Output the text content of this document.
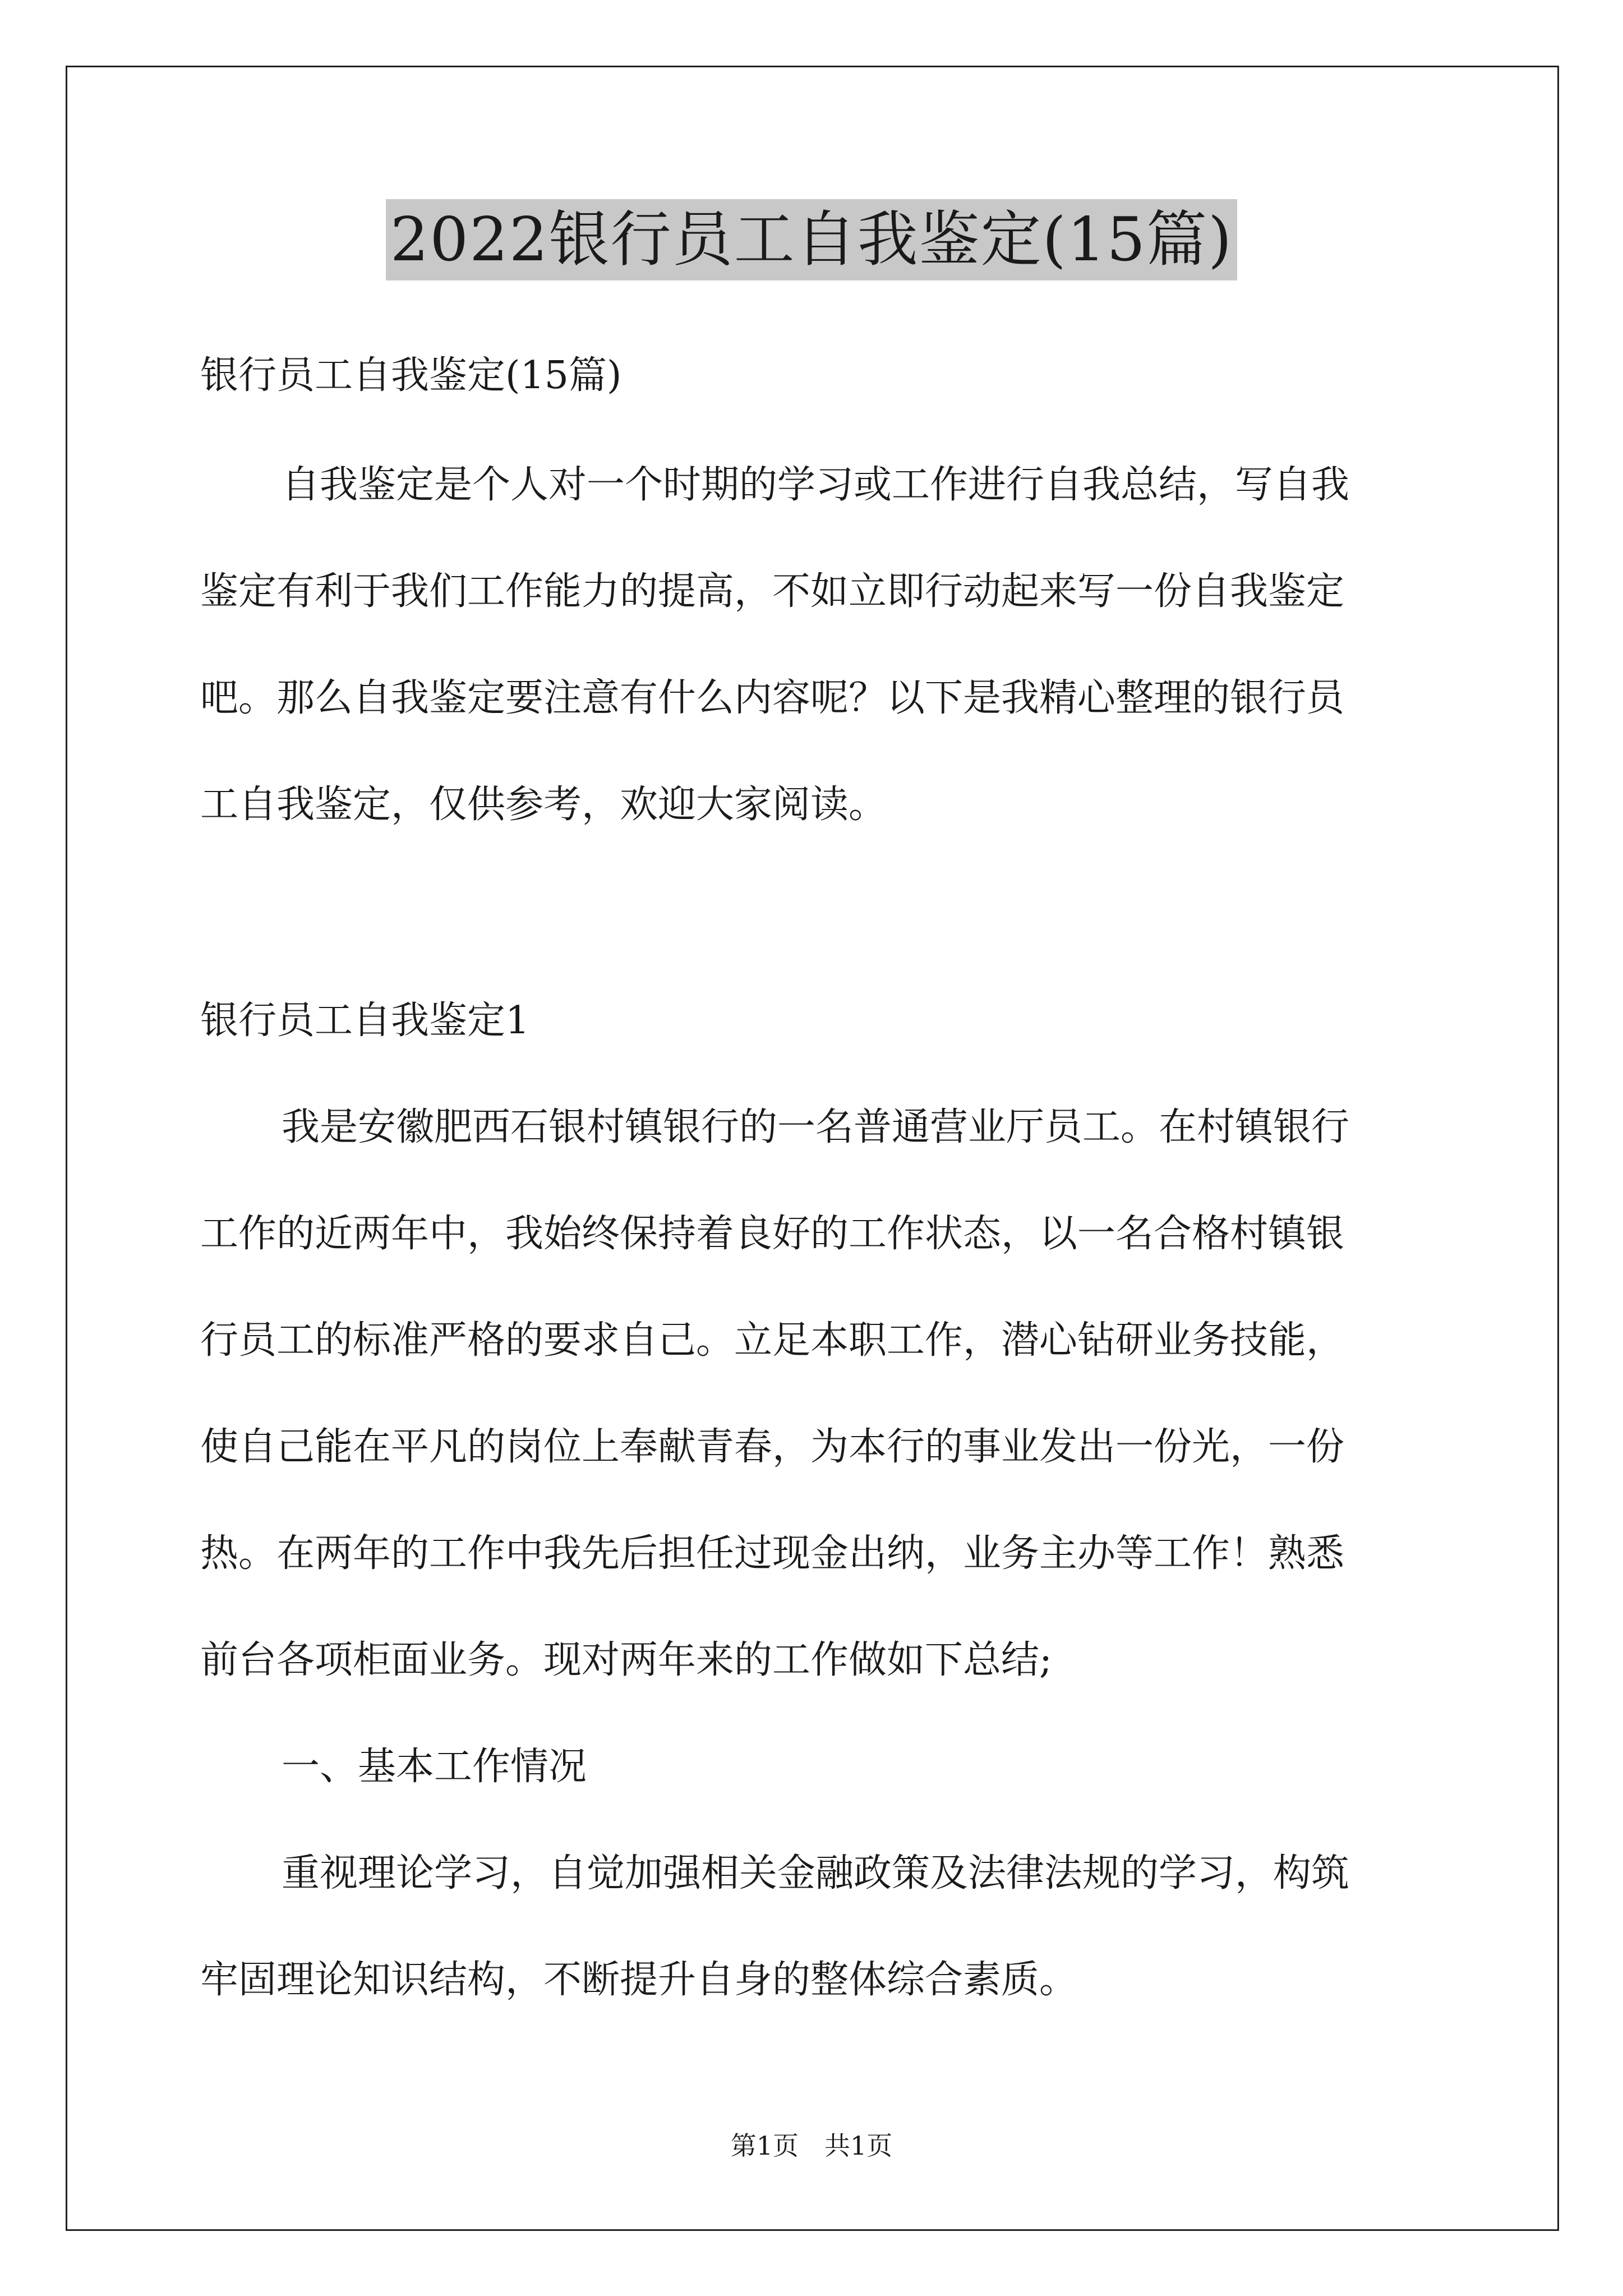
2022银行员工自我鉴定(15篇)
银行员工自我鉴定(15篇)
自我鉴定是个人对一个时期的学习或工作进行自我总结，写自我
鉴定有利于我们工作能力的提高，不如立即行动起来写一份自我鉴定
吧。那么自我鉴定要注意有什么内容呢？以下是我精心整理的银行员
工自我鉴定，仅供参考，欢迎大家阅读。
银行员工自我鉴定1
我是安徽肥西石银村镇银行的一名普通营业厅员工。在村镇银行
工作的近两年中，我始终保持着良好的工作状态，以一名合格村镇银
行员工的标准严格的要求自己。立足本职工作，潜心钻研业务技能，
使自己能在平凡的岗位上奉献青春，为本行的事业发出一份光，一份
热。在两年的工作中我先后担任过现金出纳，业务主办等工作！熟悉
前台各项柜面业务。现对两年来的工作做如下总结;
一、基本工作情况
重视理论学习，自觉加强相关金融政策及法律法规的学习，构筑
牢固理论知识结构，不断提升自身的整体综合素质。
第1页　共1页
